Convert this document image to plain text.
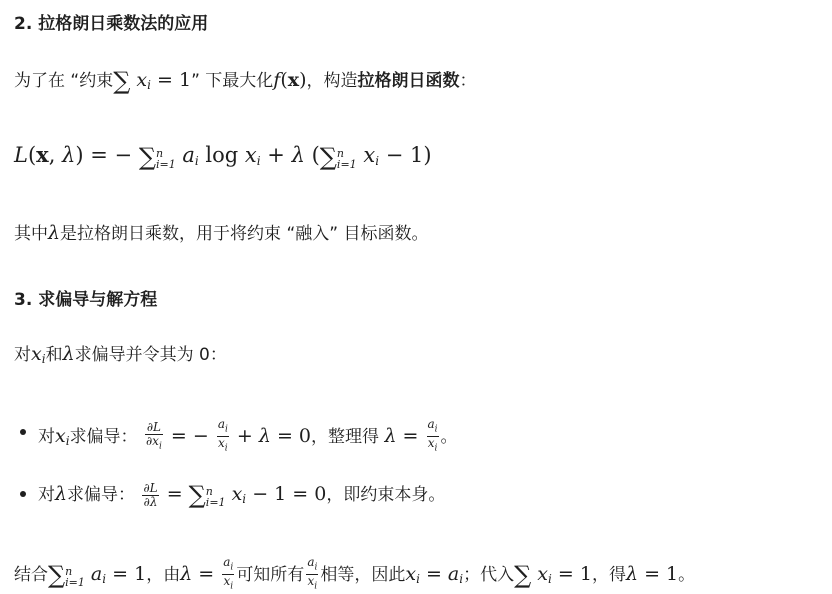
2. 拉格朗日乘数法的应用
为了在 “约束∑ $x_i = 1$” 下最大化f(x)，构造拉格朗日函数：
L(x, λ) = − ∑ n
i=1 $a_i$ $\log x_i + \lambda$ (∑ n
i=1 $x_i - 1$)
其中λ是拉格朗日乘数，用于将约束 “融入” 目标函数。
3. 求偏导与解方程
对$x_i$和λ求偏导并令其为 0：
对$x_i$求偏导： $\frac{\partial L}{\partial x_i}$ = − $\frac{a_i}{x_i} + \lambda = 0$，整理得 $\lambda = \frac{a_i}{x_i}$ 。
对λ求偏导： $\frac{\partial L}{\partial\lambda}$ = ∑ n
i=1 $x_i - 1 = 0$，即约束本身。
结合∑ n
i=1 $a_i = 1$，由$\lambda = \frac{a_i}{x_i}$ 可知所有 $\frac{a_i}{x_i}$ 相等，因此$x_i = a_i$；代入∑ $x_i = 1$，得λ = 1。
